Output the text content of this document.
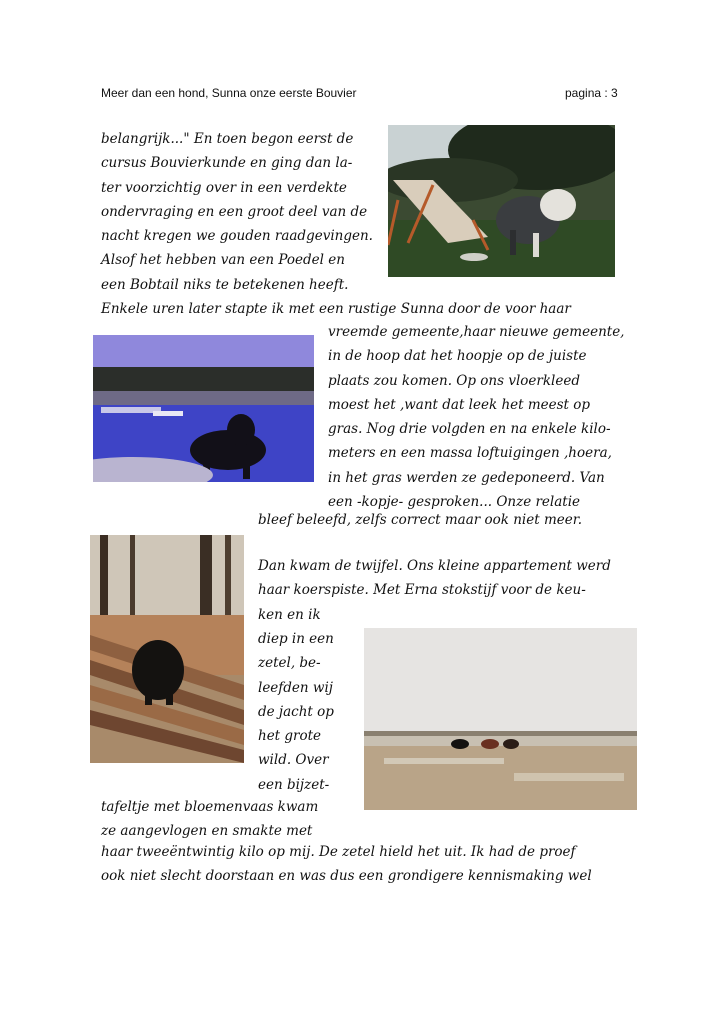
Meer dan een hond, Sunna onze eerste Bouvier	pagina : 3
belangrijk..." En toen begon eerst de
cursus Bouvierkunde en ging dan la-
ter voorzichtig over in een verdekte
ondervraging en een groot deel van de
nacht kregen we gouden raadgevingen.
Alsof het hebben van een Poedel en
een Bobtail niks te betekenen heeft.
Enkele uren later stapte ik met een rustige Sunna door de voor haar
vreemde gemeente,haar nieuwe gemeente,
in de hoop dat het hoopje op de juiste
plaats zou komen. Op ons vloerkleed
moest het ,want dat leek het meest op
gras. Nog drie volgden en na enkele kilo-
meters en een massa loftuigingen ,hoera,
in het gras werden ze gedeponeerd. Van
een -kopje- gesproken... Onze relatie
bleef beleefd, zelfs correct maar ook niet meer.
Dan kwam de twijfel. Ons kleine appartement werd
haar koerspiste. Met Erna stokstijf voor de keu-
ken en ik
diep in een
zetel, be-
leefden wij
de jacht op
het grote
wild. Over
een bijzet-
tafeltje met bloemenvaas kwam
ze aangevlogen en smakte met
haar tweeëntwintig kilo op mij. De zetel hield het uit. Ik had de proef
ook niet slecht doorstaan en was dus een grondigere kennismaking wel
